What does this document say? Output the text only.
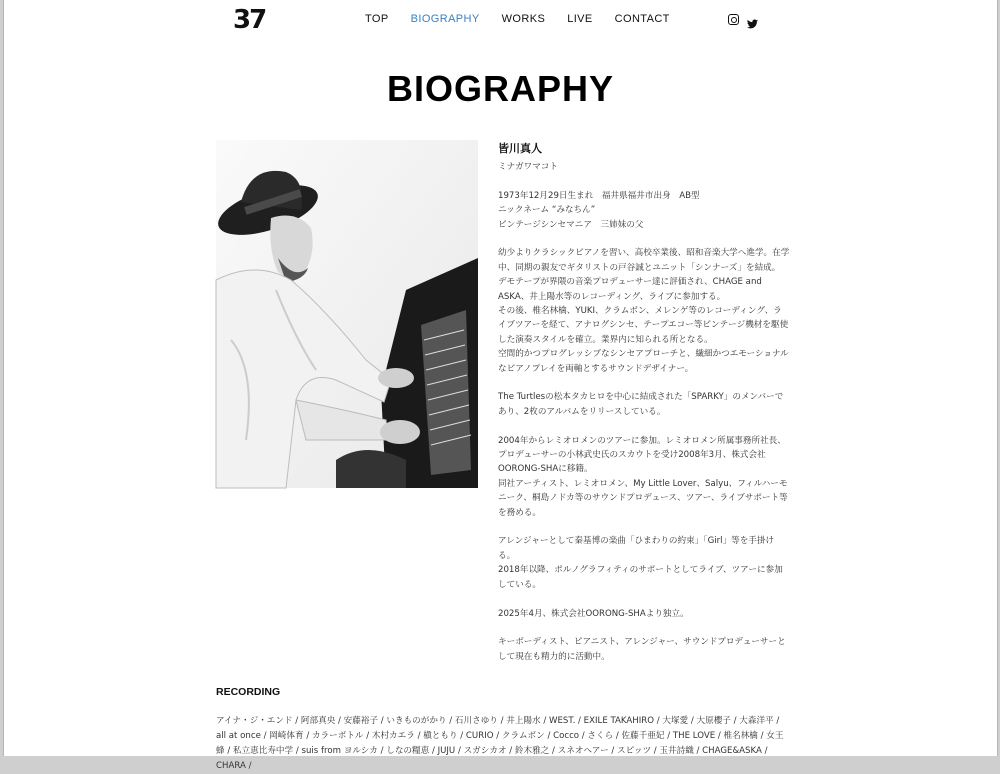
37	TOP BIOGRAPHY WORKS LIVE CONTACT
BIOGRAPHY
皆川真人

ミナガワマコト

1973年12月29日生まれ　福井県福井市出身　AB型
ニックネーム “みなちん”
ビンテージシンセマニア　三姉妹の父

幼少よりクラシックピアノを習い、高校卒業後、昭和音楽大学へ進学。在学中、同期の親友でギタリストの戸谷誠とユニット「シンナーズ」を結成。
デモテープが界隈の音楽プロデューサー達に評価され、CHAGE and ASKA、井上陽水等のレコーディング、ライブに参加する。
その後、椎名林檎、YUKI、クラムボン、メレンゲ等のレコーディング、ライブツアーを経て、アナログシンセ、テープエコー等ビンテージ機材を駆使した演奏スタイルを確立。業界内に知られる所となる。
空間的かつプログレッシブなシンセアプローチと、繊細かつエモーショナルなピアノプレイを両軸とするサウンドデザイナー。

The Turtlesの松本タカヒロを中心に結成された「SPARKY」のメンバーであり、2枚のアルバムをリリースしている。

2004年からレミオロメンのツアーに参加。レミオロメン所属事務所社長、プロデューサーの小林武史氏のスカウトを受け2008年3月、株式会社OORONG-SHAに移籍。
同社アーティスト、レミオロメン、My Little Lover、Salyu、フィルハーモニーク、桐島ノドカ等のサウンドプロデュース、ツアー、ライブサポート等を務める。

アレンジャーとして秦基博の楽曲「ひまわりの約束」「Girl」等を手掛ける。
2018年以降、ポルノグラフィティのサポートとしてライブ、ツアーに参加している。

2025年4月、株式会社OORONG-SHAより独立。

キーボーディスト、ピアニスト、アレンジャー、サウンドプロデューサーとして現在も精力的に活動中。

RECORDING
アイナ・ジ・エンド / 阿部真央 / 安藤裕子 / いきものがかり / 石川さゆり / 井上陽水 / WEST. / EXILE TAKAHIRO / 大塚愛 / 大原櫻子 / 大森洋平 / all at once / 岡崎体育 / カラーボトル / 木村カエラ / 槇ともり / CURIO / クラムボン / Cocco / さくら / 佐藤千亜妃 / THE LOVE / 椎名林檎 / 女王蜂 / 私立恵比寿中学 / suis from ヨルシカ / しなの糧恵 / JUJU / スガシカオ / 鈴木雅之 / スネオヘアー / スピッツ / 玉井詩織 / CHAGE&ASKA / CHARA /
